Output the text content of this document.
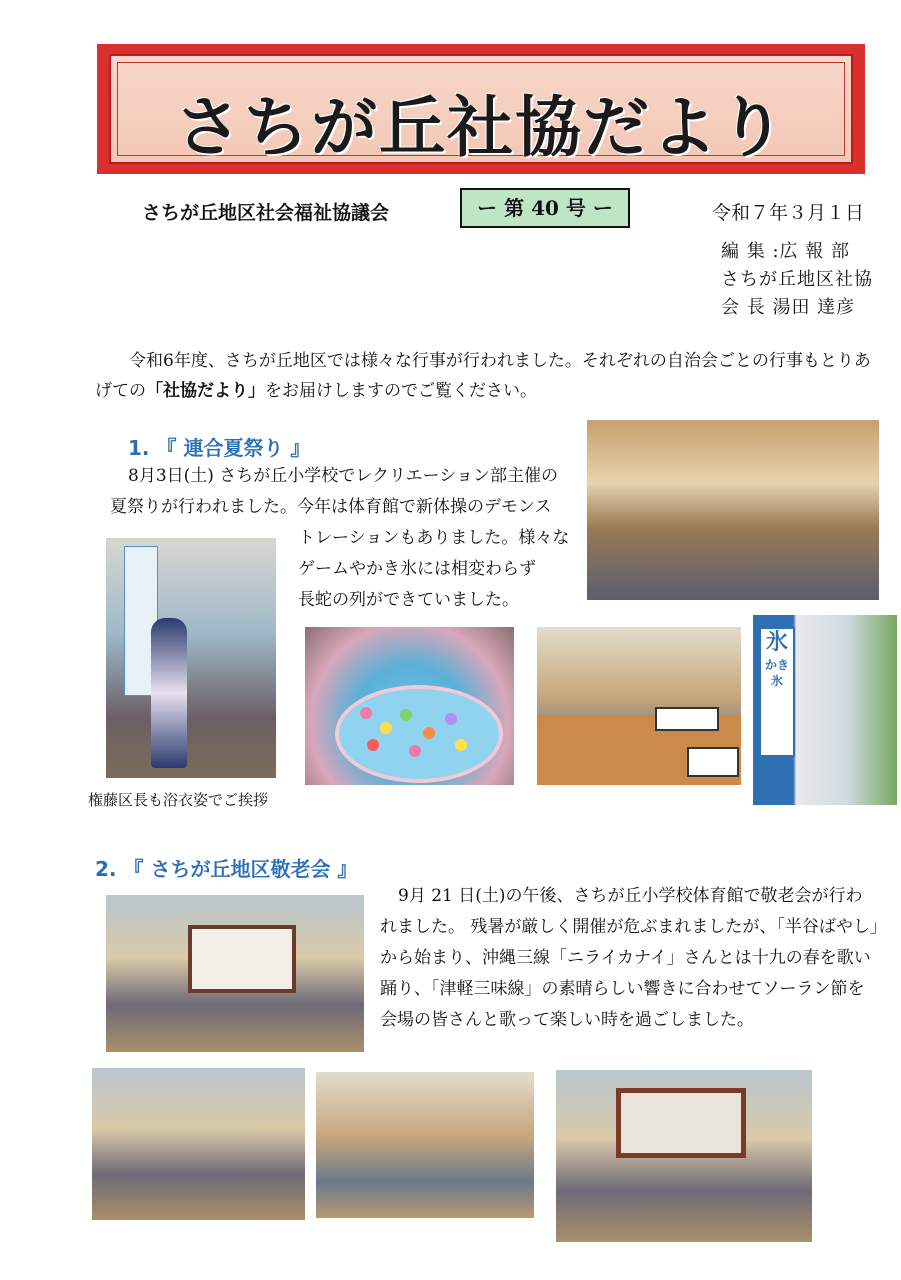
さちが丘社協だより
さちが丘地区社会福祉協議会	ー 第 40 号 ー	令和７年３月１日
編 集 :広 報 部
さちが丘地区社協
会 長 湯田 達彦
令和6年度、さちが丘地区では様々な行事が行われました。それぞれの自治会ごとの行事もとりあげての「社協だより」をお届けしますのでご覧ください。
1. 『 連合夏祭り 』
8月3日(土) さちが丘小学校でレクリエーション部主催の
夏祭りが行われました。今年は体育館で新体操のデモンス
トレーションもありました。様々な
ゲームやかき氷には相変わらず
長蛇の列ができていました。
権藤区長も浴衣姿でご挨拶
氷
かき氷
2. 『 さちが丘地区敬老会 』
9月 21 日(土)の午後、さちが丘小学校体育館で敬老会が行わ
れました。 残暑が厳しく開催が危ぶまれましたが、「半谷ばやし」
から始まり、沖縄三線「ニライカナイ」さんとは十九の春を歌い
踊り、「津軽三味線」の素晴らしい響きに合わせてソーラン節を
会場の皆さんと歌って楽しい時を過ごしました。
